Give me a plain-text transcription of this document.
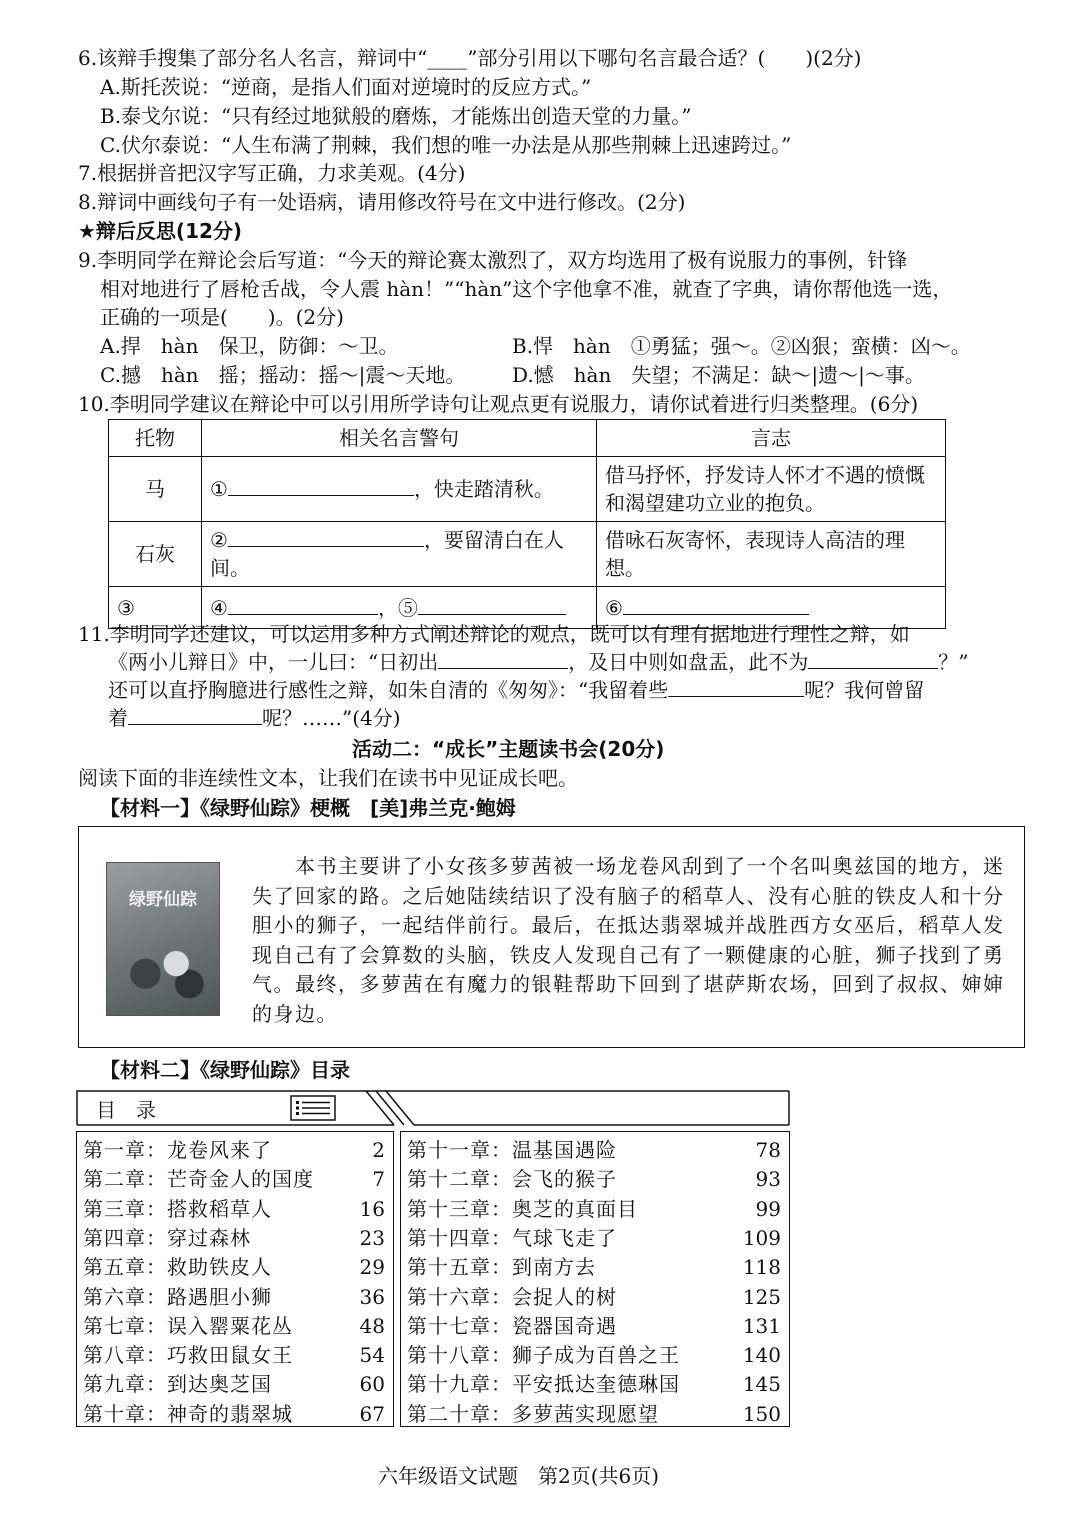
6.该辩手搜集了部分名人名言，辩词中“____”部分引用以下哪句名言最合适？(　　)(2分)
A.斯托茨说：“逆商，是指人们面对逆境时的反应方式。”
B.泰戈尔说：“只有经过地狱般的磨炼，才能炼出创造天堂的力量。”
C.伏尔泰说：“人生布满了荆棘，我们想的唯一办法是从那些荆棘上迅速跨过。”
7.根据拼音把汉字写正确，力求美观。(4分)
8.辩词中画线句子有一处语病，请用修改符号在文中进行修改。(2分)
★辩后反思(12分)
9.李明同学在辩论会后写道：“今天的辩论赛太激烈了，双方均选用了极有说服力的事例，针锋
相对地进行了唇枪舌战，令人震 hàn！”“hàn”这个字他拿不准，就查了字典，请你帮他选一选，
正确的一项是(　　)。(2分)
A.捍　hàn　保卫，防御：～卫。	B.悍　hàn　①勇猛；强～。②凶狠；蛮横：凶～。
C.撼　hàn　摇；摇动：摇～|震～天地。 D.憾　hàn　失望；不满足：缺～|遗～|～事。
10.李明同学建议在辩论中可以引用所学诗句让观点更有说服力，请你试着进行归类整理。(6分)
托物	相关名言警句	言志
马	① ，快走踏清秋。	借马抒怀，抒发诗人怀才不遇的愤慨和渴望建功立业的抱负。
石灰	② ，要留清白在人间。	借咏石灰寄怀，表现诗人高洁的理想。
③	④ ，⑤	⑥
11.李明同学还建议，可以运用多种方式阐述辩论的观点，既可以有理有据地进行理性之辩，如
《两小儿辩日》中，一儿曰：“日初出	，及日中则如盘盂，此不为	？”
还可以直抒胸臆进行感性之辩，如朱自清的《匆匆》：“我留着些	呢？我何曾留
着	呢？……”(4分)
活动二：“成长”主题读书会(20分)
阅读下面的非连续性文本，让我们在读书中见证成长吧。
【材料一】《绿野仙踪》梗概　[美]弗兰克·鲍姆
绿野仙踪
　　本书主要讲了小女孩多萝茜被一场龙卷风刮到了一个名叫奥兹国的地方，迷失了回家的路。之后她陆续结识了没有脑子的稻草人、没有心脏的铁皮人和十分胆小的狮子，一起结伴前行。最后，在抵达翡翠城并战胜西方女巫后，稻草人发现自己有了会算数的头脑，铁皮人发现自己有了一颗健康的心脏，狮子找到了勇气。最终，多萝茜在有魔力的银鞋帮助下回到了堪萨斯农场，回到了叔叔、婶婶的身边。
【材料二】《绿野仙踪》目录
目　录
第一章：龙卷风来了	2
第二章：芒奇金人的国度	7
第三章：搭救稻草人	16
第四章：穿过森林	23
第五章：救助铁皮人	29
第六章：路遇胆小狮	36
第七章：误入罂粟花丛	48
第八章：巧救田鼠女王	54
第九章：到达奥芝国	60
第十章：神奇的翡翠城	67
第十一章：温基国遇险	78
第十二章：会飞的猴子	93
第十三章：奥芝的真面目	99
第十四章：气球飞走了	109
第十五章：到南方去	118
第十六章：会捉人的树	125
第十七章：瓷器国奇遇	131
第十八章：狮子成为百兽之王	140
第十九章：平安抵达奎德琳国	145
第二十章：多萝茜实现愿望	150
六年级语文试题　第2页(共6页)
